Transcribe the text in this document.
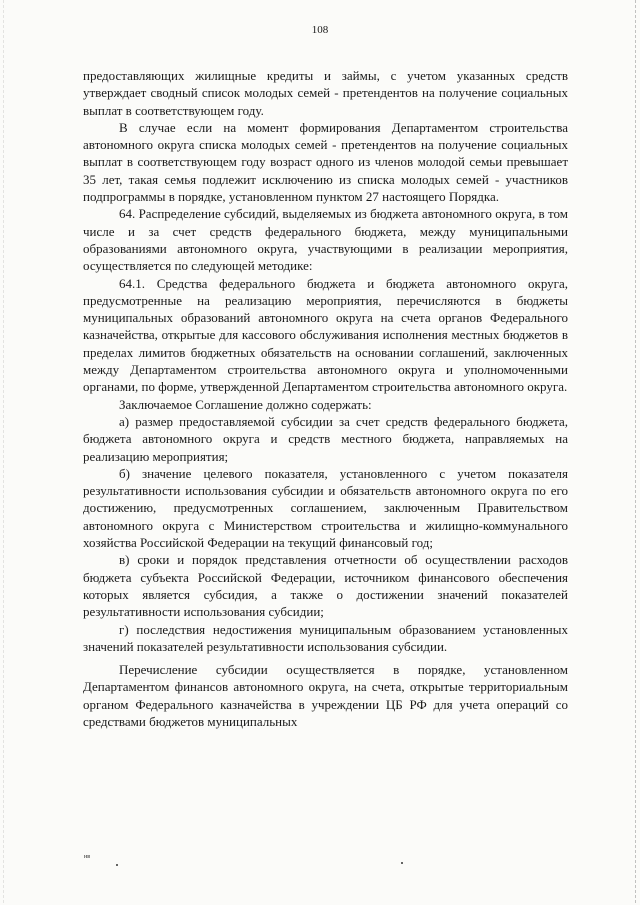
108

предоставляющих жилищные кредиты и займы, с учетом указанных средств утверждает сводный список молодых семей - претендентов на получение социальных выплат в соответствующем году.

В случае если на момент формирования Департаментом строительства автономного округа списка молодых семей - претендентов на получение социальных выплат в соответствующем году возраст одного из членов молодой семьи превышает 35 лет, такая семья подлежит исключению из списка молодых семей - участников подпрограммы в порядке, установленном пунктом 27 настоящего Порядка.

64. Распределение субсидий, выделяемых из бюджета автономного округа, в том числе и за счет средств федерального бюджета, между муниципальными образованиями автономного округа, участвующими в реализации мероприятия, осуществляется по следующей методике:

64.1. Средства федерального бюджета и бюджета автономного округа, предусмотренные на реализацию мероприятия, перечисляются в бюджеты муниципальных образований автономного округа на счета органов Федерального казначейства, открытые для кассового обслуживания исполнения местных бюджетов в пределах лимитов бюджетных обязательств на основании соглашений, заключенных между Департаментом строительства автономного округа и уполномоченными органами, по форме, утвержденной Департаментом строительства автономного округа.

Заключаемое Соглашение должно содержать:

а) размер предоставляемой субсидии за счет средств федерального бюджета, бюджета автономного округа и средств местного бюджета, направляемых на реализацию мероприятия;

б) значение целевого показателя, установленного с учетом показателя результативности использования субсидии и обязательств автономного округа по его достижению, предусмотренных соглашением, заключенным Правительством автономного округа с Министерством строительства и жилищно-коммунального хозяйства Российской Федерации на текущий финансовый год;

в) сроки и порядок представления отчетности об осуществлении расходов бюджета субъекта Российской Федерации, источником финансового обеспечения которых является субсидия, а также о достижении значений показателей результативности использования субсидии;

г) последствия недостижения муниципальным образованием установленных значений показателей результативности использования субсидии.

Перечисление субсидии осуществляется в порядке, установленном Департаментом финансов автономного округа, на счета, открытые территориальным органом Федерального казначейства в учреждении ЦБ РФ для учета операций со средствами бюджетов муниципальных

нв
